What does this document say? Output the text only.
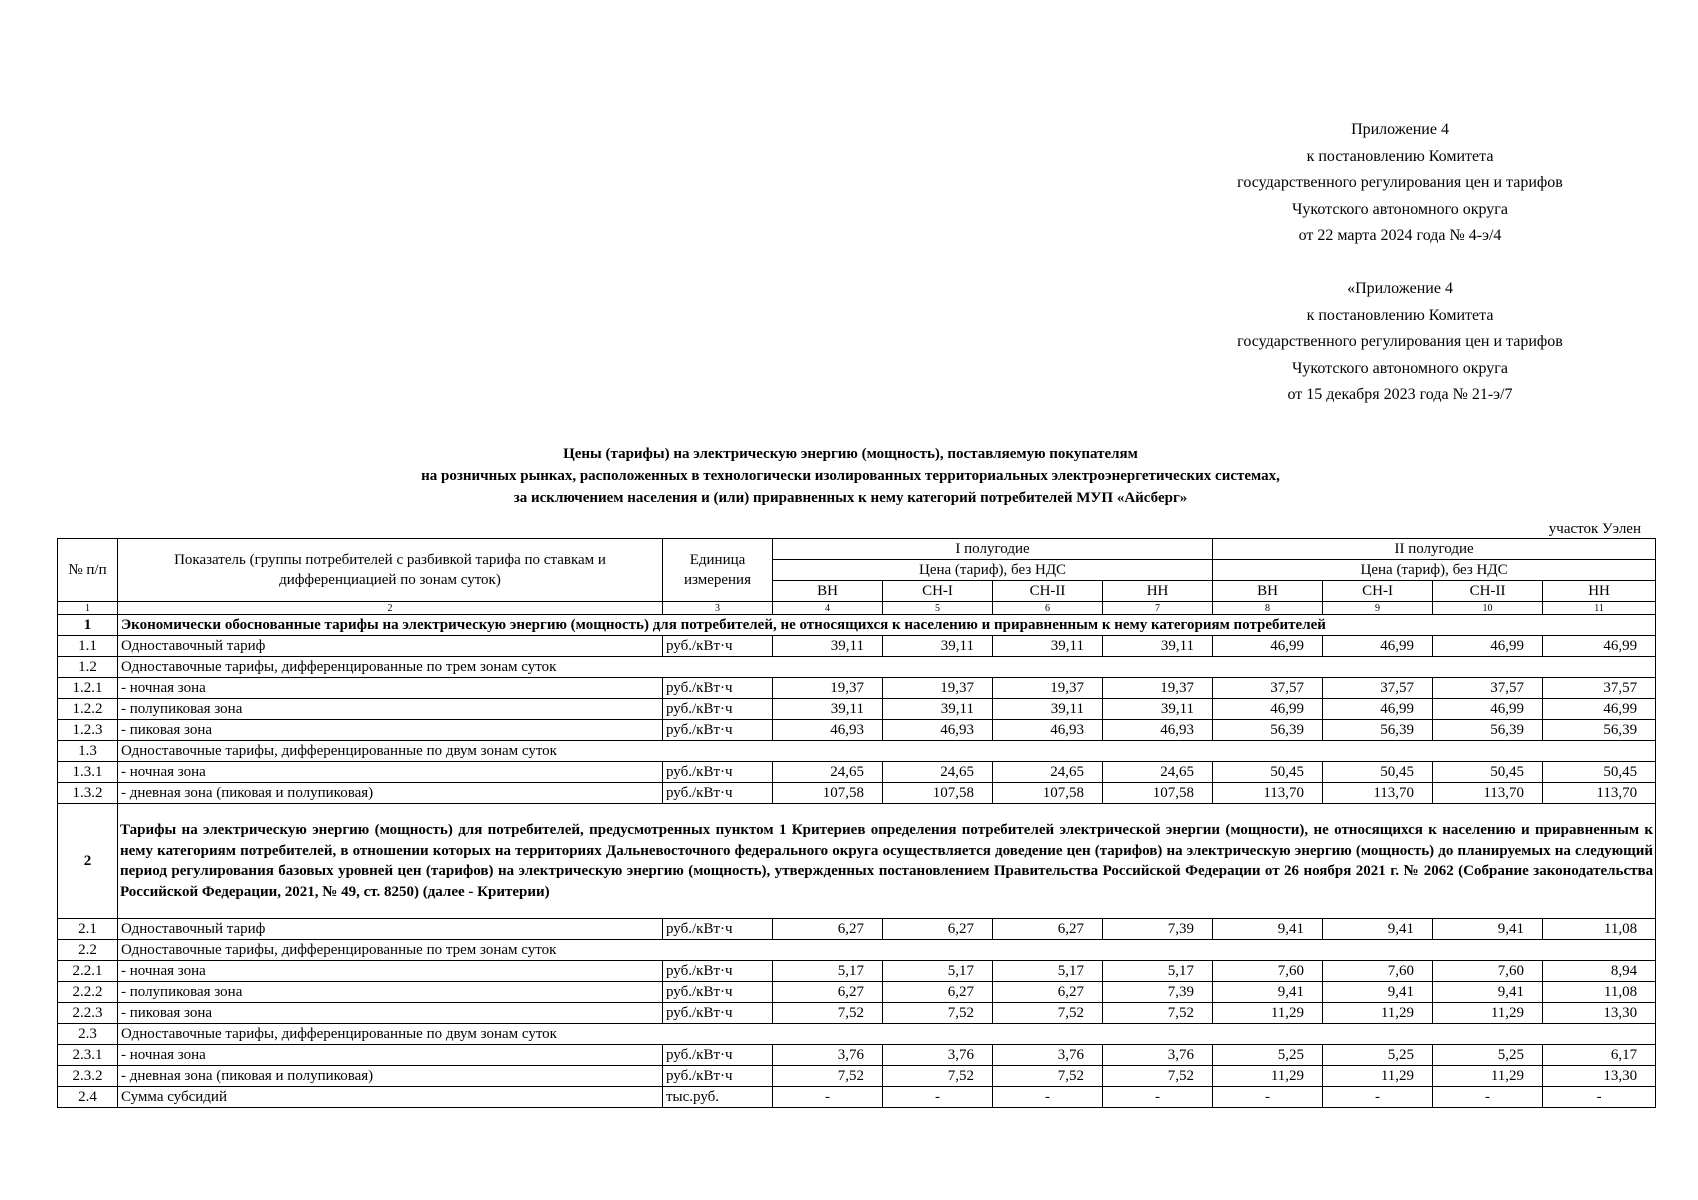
Приложение 4
к постановлению Комитета
государственного регулирования цен и тарифов
Чукотского автономного округа
от 22 марта 2024 года № 4-э/4
«Приложение 4
к постановлению Комитета
государственного регулирования цен и тарифов
Чукотского автономного округа
от 15 декабря 2023 года № 21-э/7
Цены (тарифы) на электрическую энергию (мощность), поставляемую покупателям
на розничных рынках, расположенных в технологически изолированных территориальных электроэнергетических системах,
за исключением населения и (или) приравненных к нему категорий потребителей МУП «Айсберг»
участок Уэлен
№ п/п	Показатель (группы потребителей с разбивкой тарифа по ставкам и дифференциацией по зонам суток)	Единица измерения	I полугодие				II полугодие			
			Цена (тариф), без НДС				Цена (тариф), без НДС			
			ВН	СН-I	СН-II	НН	ВН	СН-I	СН-II	НН
1	2	3	4	5	6	7	8	9	10	11
1	Экономически обоснованные тарифы на электрическую энергию (мощность) для потребителей, не относящихся к населению и приравненным к нему категориям потребителей									
1.1	Одноставочный тариф	руб./кВт·ч	39,11	39,11	39,11	39,11	46,99	46,99	46,99	46,99
1.2	Одноставочные тарифы, дифференцированные по трем зонам суток									
1.2.1	- ночная зона	руб./кВт·ч	19,37	19,37	19,37	19,37	37,57	37,57	37,57	37,57
1.2.2	- полупиковая зона	руб./кВт·ч	39,11	39,11	39,11	39,11	46,99	46,99	46,99	46,99
1.2.3	- пиковая зона	руб./кВт·ч	46,93	46,93	46,93	46,93	56,39	56,39	56,39	56,39
1.3	Одноставочные тарифы, дифференцированные по двум зонам суток									
1.3.1	- ночная зона	руб./кВт·ч	24,65	24,65	24,65	24,65	50,45	50,45	50,45	50,45
1.3.2	- дневная зона (пиковая и полупиковая)	руб./кВт·ч	107,58	107,58	107,58	107,58	113,70	113,70	113,70	113,70
2	Тарифы на электрическую энергию (мощность) для потребителей, предусмотренных пунктом 1 Критериев определения потребителей электрической энергии (мощности), не относящихся к населению и приравненным к нему категориям потребителей, в отношении которых на территориях Дальневосточного федерального округа осуществляется доведение цен (тарифов) на электрическую энергию (мощность) до планируемых на следующий период регулирования базовых уровней цен (тарифов) на электрическую энергию (мощность), утвержденных постановлением Правительства Российской Федерации от 26 ноября 2021 г. № 2062 (Собрание законодательства Российской Федерации, 2021, № 49, ст. 8250) (далее - Критерии)									
2.1	Одноставочный тариф	руб./кВт·ч	6,27	6,27	6,27	7,39	9,41	9,41	9,41	11,08
2.2	Одноставочные тарифы, дифференцированные по трем зонам суток									
2.2.1	- ночная зона	руб./кВт·ч	5,17	5,17	5,17	5,17	7,60	7,60	7,60	8,94
2.2.2	- полупиковая зона	руб./кВт·ч	6,27	6,27	6,27	7,39	9,41	9,41	9,41	11,08
2.2.3	- пиковая зона	руб./кВт·ч	7,52	7,52	7,52	7,52	11,29	11,29	11,29	13,30
2.3	Одноставочные тарифы, дифференцированные по двум зонам суток									
2.3.1	- ночная зона	руб./кВт·ч	3,76	3,76	3,76	3,76	5,25	5,25	5,25	6,17
2.3.2	- дневная зона (пиковая и полупиковая)	руб./кВт·ч	7,52	7,52	7,52	7,52	11,29	11,29	11,29	13,30
2.4	Сумма субсидий	тыс.руб.	-	-	-	-	-	-	-	-
